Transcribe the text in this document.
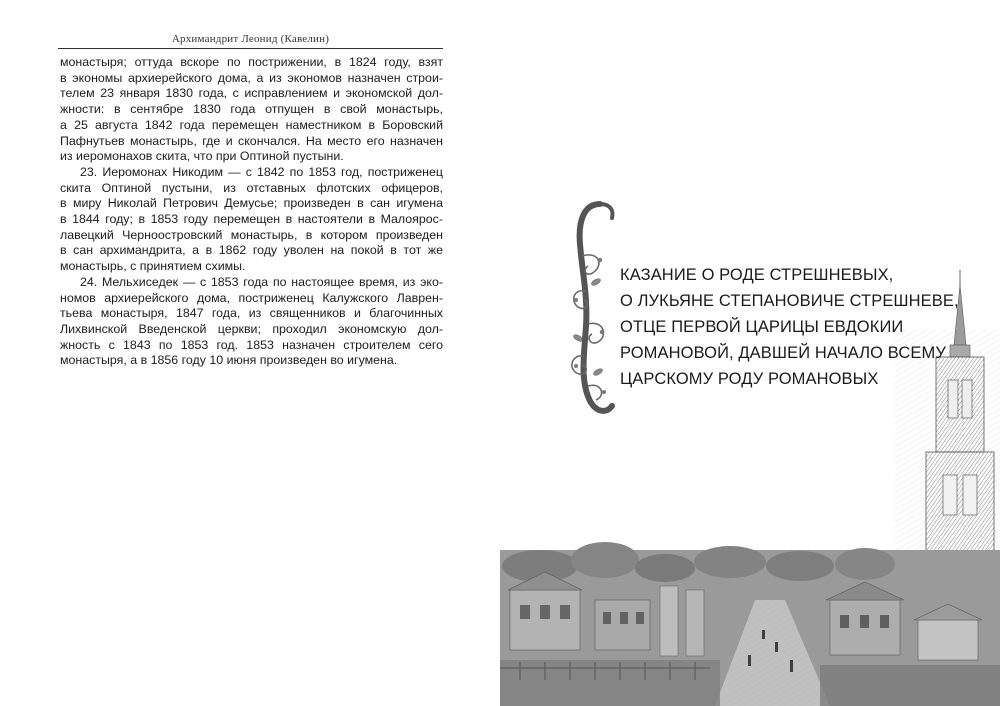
Архимандрит Леонид (Кавелин)

монастыря; оттуда вскоре по пострижении, в 1824 году, взят

в экономы архиерейского дома, а из экономов назначен строи-

телем 23 января 1830 года, с исправлением и экономской дол-

жности: в сентябре 1830 года отпущен в свой монастырь,

а 25 августа 1842 года перемещен наместником в Боровский

Пафнутьев монастырь, где и скончался. На место его назначен

из иеромонахов скита, что при Оптиной пустыни.

23. Иеромонах Никодим — с 1842 по 1853 год, постриженец

скита Оптиной пустыни, из отставных флотских офицеров,

в миру Николай Петрович Демусье; произведен в сан игумена

в 1844 году; в 1853 году перемещен в настоятели в Малоярос-

лавецкий Черноостровский монастырь, в котором произведен

в сан архимандрита, а в 1862 году уволен на покой в тот же

монастырь, с принятием схимы.

24. Мельхиседек — с 1853 года по настоящее время, из эко-

номов архиерейского дома, постриженец Калужского Лаврен-

тьева монастыря, 1847 года, из священников и благочинных

Лихвинской Введенской церкви; проходил экономскую дол-

жность с 1843 по 1853 год. 1853 назначен строителем сего

монастыря, а в 1856 году 10 июня произведен во игумена.

КАЗАНИЕ О РОДЕ СТРЕШНЕВЫХ,
О ЛУКЬЯНЕ СТЕПАНОВИЧЕ СТРЕШНЕВЕ,
ОТЦЕ ПЕРВОЙ ЦАРИЦЫ ЕВДОКИИ
РОМАНОВОЙ, ДАВШЕЙ НАЧАЛО ВСЕМУ
ЦАРСКОМУ РОДУ РОМАНОВЫХ
